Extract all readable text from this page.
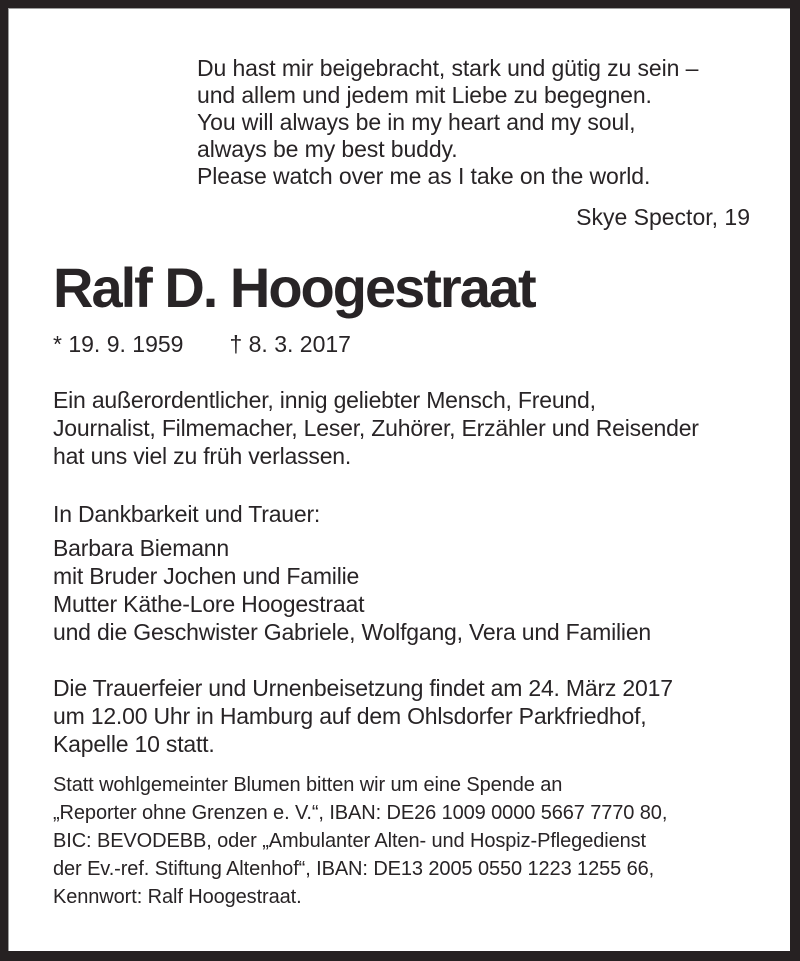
Du hast mir beigebracht, stark und gütig zu sein –
und allem und jedem mit Liebe zu begegnen.
You will always be in my heart and my soul,
always be my best buddy.
Please watch over me as I take on the world.
Skye Spector, 19
Ralf D. Hoogestraat
* 19. 9. 1959 † 8. 3. 2017
Ein außerordentlicher, innig geliebter Mensch, Freund,
Journalist, Filmemacher, Leser, Zuhörer, Erzähler und Reisender
hat uns viel zu früh verlassen.
In Dankbarkeit und Trauer:
Barbara Biemann
mit Bruder Jochen und Familie
Mutter Käthe-Lore Hoogestraat
und die Geschwister Gabriele, Wolfgang, Vera und Familien
Die Trauerfeier und Urnenbeisetzung findet am 24. März 2017
um 12.00 Uhr in Hamburg auf dem Ohlsdorfer Parkfriedhof,
Kapelle 10 statt.
Statt wohlgemeinter Blumen bitten wir um eine Spende an
„Reporter ohne Grenzen e. V.“, IBAN: DE26 1009 0000 5667 7770 80,
BIC: BEVODEBB, oder „Ambulanter Alten- und Hospiz-Pflegedienst
der Ev.-ref. Stiftung Altenhof“, IBAN: DE13 2005 0550 1223 1255 66,
Kennwort: Ralf Hoogestraat.
